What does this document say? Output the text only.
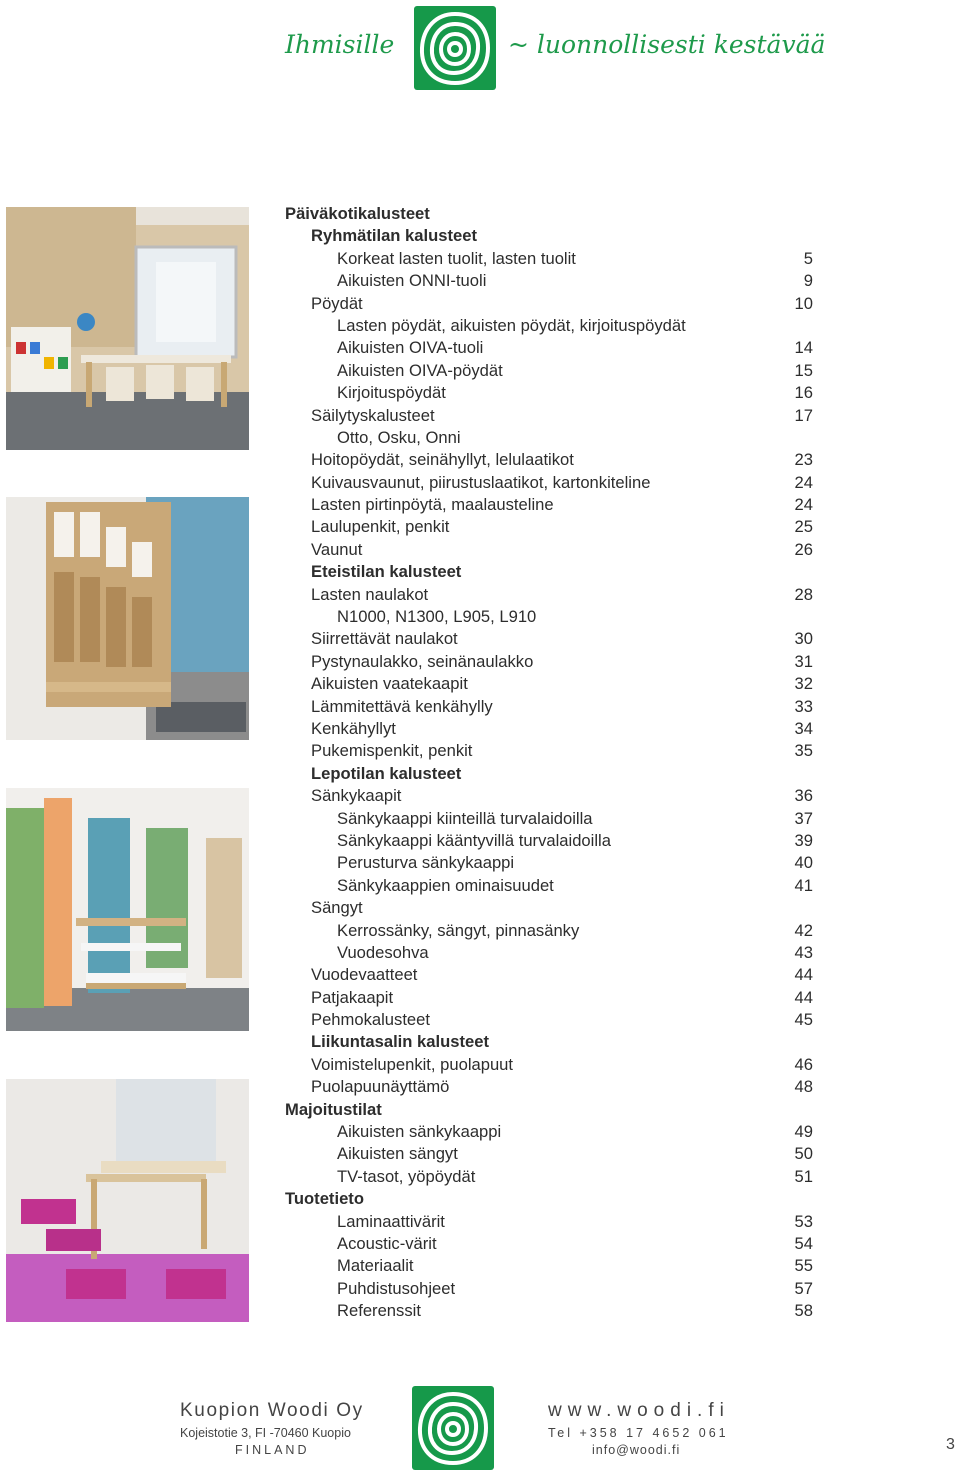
Ihmisille	~ luonnollisesti kestävää
Päiväkotikalusteet
Ryhmätilan kalusteet
Korkeat lasten tuolit, lasten tuolit	5
Aikuisten ONNI-tuoli	9
Pöydät	10
Lasten pöydät, aikuisten pöydät, kirjoituspöydät
Aikuisten OIVA-tuoli	14
Aikuisten OIVA-pöydät	15
Kirjoituspöydät	16
Säilytyskalusteet	17
Otto, Osku, Onni
Hoitopöydät, seinähyllyt, lelulaatikot	23
Kuivausvaunut, piirustuslaatikot, kartonkiteline	24
Lasten pirtinpöytä, maalausteline	24
Laulupenkit, penkit	25
Vaunut	26
Eteistilan kalusteet
Lasten naulakot	28
N1000, N1300, L905, L910
Siirrettävät naulakot	30
Pystynaulakko, seinänaulakko	31
Aikuisten vaatekaapit	32
Lämmitettävä kenkähylly	33
Kenkähyllyt	34
Pukemispenkit, penkit	35
Lepotilan kalusteet
Sänkykaapit	36
Sänkykaappi kiinteillä turvalaidoilla	37
Sänkykaappi kääntyvillä turvalaidoilla	39
Perusturva sänkykaappi	40
Sänkykaappien ominaisuudet	41
Sängyt
Kerrossänky, sängyt, pinnasänky	42
Vuodesohva	43
Vuodevaatteet	44
Patjakaapit	44
Pehmokalusteet	45
Liikuntasalin kalusteet
Voimistelupenkit, puolapuut	46
Puolapuunäyttämö	48
Majoitustilat
Aikuisten sänkykaappi	49
Aikuisten sängyt	50
TV-tasot, yöpöydät	51
Tuotetieto
Laminaattivärit	53
Acoustic-värit	54
Materiaalit	55
Puhdistusohjeet	57
Referenssit	58
Kuopion Woodi Oy
Kojeistotie 3, FI -70460 Kuopio
FINLAND
www.woodi.fi
Tel +358 17 4652 061
info@woodi.fi	3
